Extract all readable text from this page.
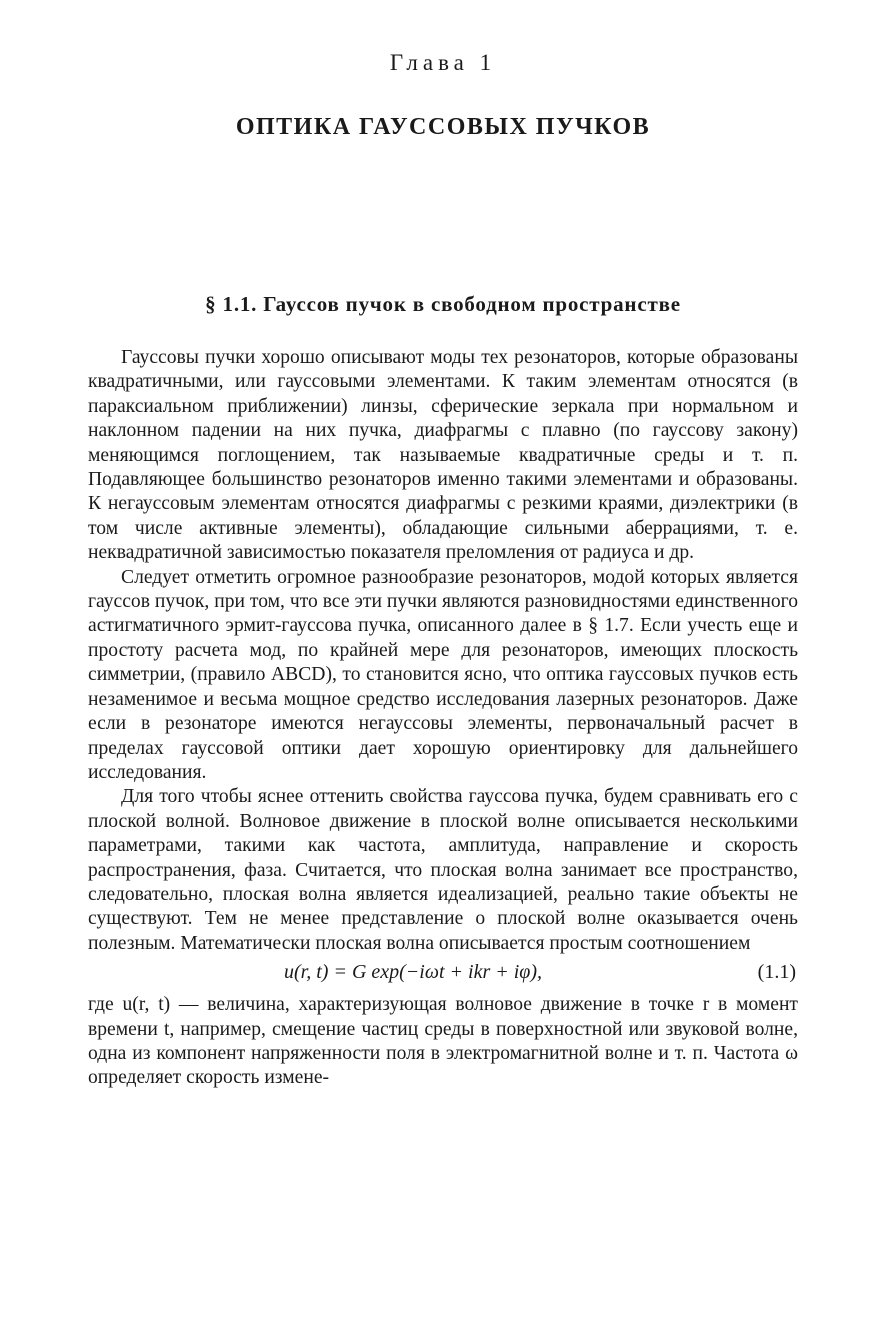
Глава 1
ОПТИКА ГАУССОВЫХ ПУЧКОВ
§ 1.1. Гауссов пучок в свободном пространстве

Гауссовы пучки хорошо описывают моды тех резонаторов, которые образованы квадратичными, или гауссовыми элементами. К таким элементам относятся (в параксиальном приближении) линзы, сферические зеркала при нормальном и наклонном падении на них пучка, диафрагмы с плавно (по гауссову закону) меняющимся поглощением, так называемые квадратичные среды и т. п. Подавляющее большинство резонаторов именно такими элементами и образованы. К негауссовым элементам относятся диафрагмы с резкими краями, диэлектрики (в том числе активные элементы), обладающие сильными аберрациями, т. е. неквадратичной зависимостью показателя преломления от радиуса и др.

Следует отметить огромное разнообразие резонаторов, модой которых является гауссов пучок, при том, что все эти пучки являются разновидностями единственного астигматичного эрмит-гауссова пучка, описанного далее в § 1.7. Если учесть еще и простоту расчета мод, по крайней мере для резонаторов, имеющих плоскость симметрии, (правило ABCD), то становится ясно, что оптика гауссовых пучков есть незаменимое и весьма мощное средство исследования лазерных резонаторов. Даже если в резонаторе имеются негауссовы элементы, первоначальный расчет в пределах гауссовой оптики дает хорошую ориентировку для дальнейшего исследования.

Для того чтобы яснее оттенить свойства гауссова пучка, будем сравнивать его с плоской волной. Волновое движение в плоской волне описывается несколькими параметрами, такими как частота, амплитуда, направление и скорость распространения, фаза. Считается, что плоская волна занимает все пространство, следовательно, плоская волна является идеализацией, реально такие объекты не существуют. Тем не менее представление о плоской волне оказывается очень полезным. Математически плоская волна описывается простым соотношением

u(r, t) = G exp(−iωt + ikr + iφ),	(1.1)

где u(r, t) — величина, характеризующая волновое движение в точке r в момент времени t, например, смещение частиц среды в поверхностной или звуковой волне, одна из компонент напряженности поля в электромагнитной волне и т. п. Частота ω определяет скорость измене-
